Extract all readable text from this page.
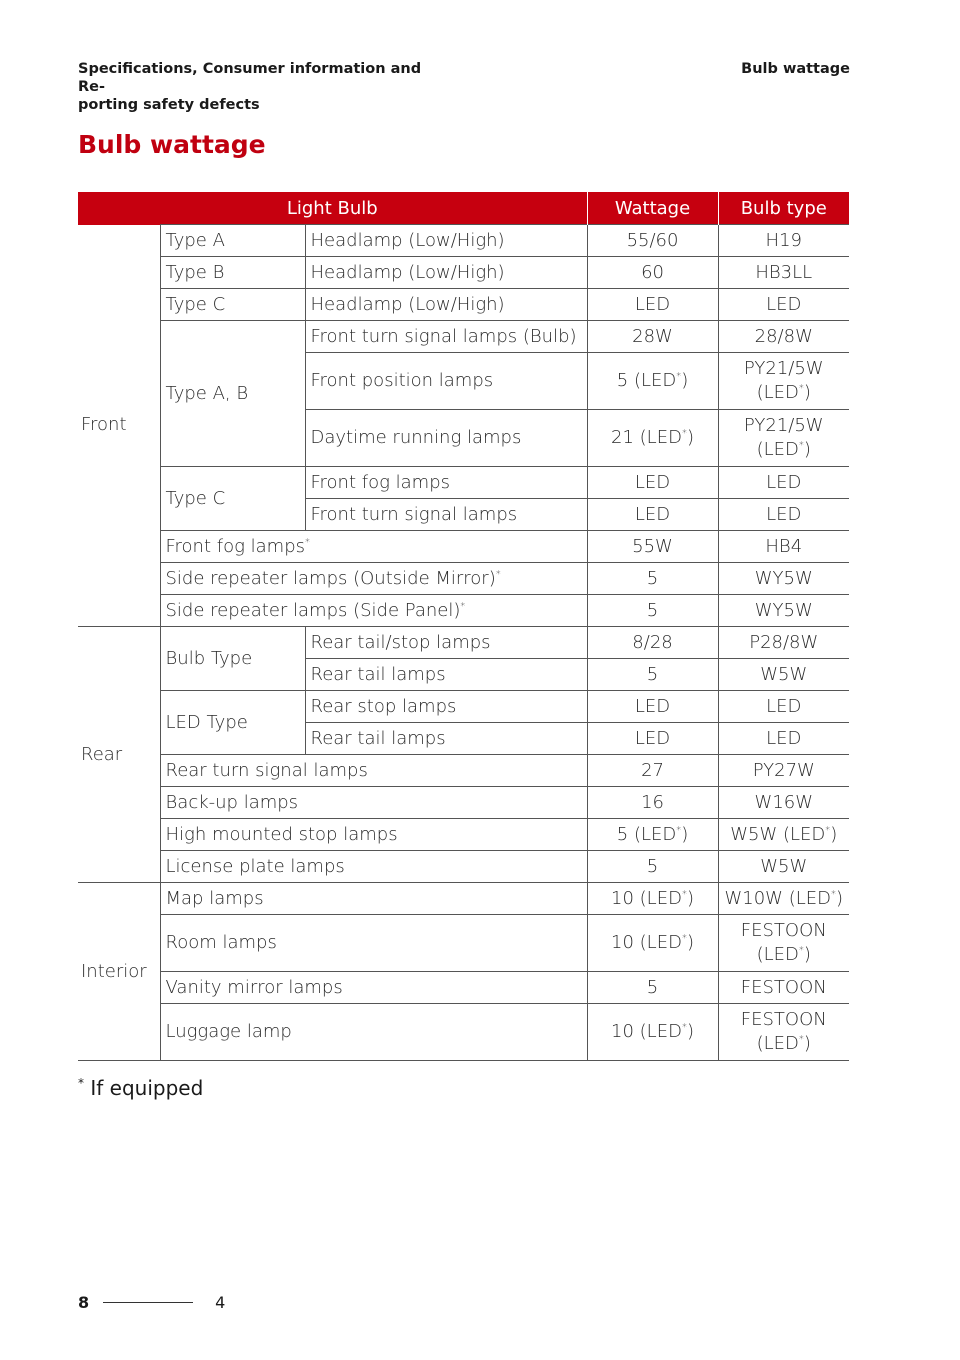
Specifications, Consumer information and Re-
porting safety defects
Bulb wattage
Bulb wattage
Light Bulb			Wattage	Bulb type
Front	Type A	Headlamp (Low/High)	55/60	H19
	Type B	Headlamp (Low/High)	60	HB3LL
	Type C	Headlamp (Low/High)	LED	LED
	Type A, B	Front turn signal lamps (Bulb)	28W	28/8W
		Front position lamps	5 (LED*)	PY21/5W
(LED*)
		Daytime running lamps	21 (LED*)	PY21/5W
(LED*)
	Type C	Front fog lamps	LED	LED
		Front turn signal lamps	LED	LED
	Front fog lamps*		55W	HB4
	Side repeater lamps (Outside Mirror)*		5	WY5W
	Side repeater lamps (Side Panel)*		5	WY5W
Rear	Bulb Type	Rear tail/stop lamps	8/28	P28/8W
		Rear tail lamps	5	W5W
	LED Type	Rear stop lamps	LED	LED
		Rear tail lamps	LED	LED
	Rear turn signal lamps		27	PY27W
	Back-up lamps		16	W16W
	High mounted stop lamps		5 (LED*)	W5W (LED*)
	License plate lamps		5	W5W
Interior	Map lamps		10 (LED*)	W10W (LED*)
	Room lamps		10 (LED*)	FESTOON
(LED*)
	Vanity mirror lamps		5	FESTOON
	Luggage lamp		10 (LED*)	FESTOON
(LED*)
* If equipped
8	4
